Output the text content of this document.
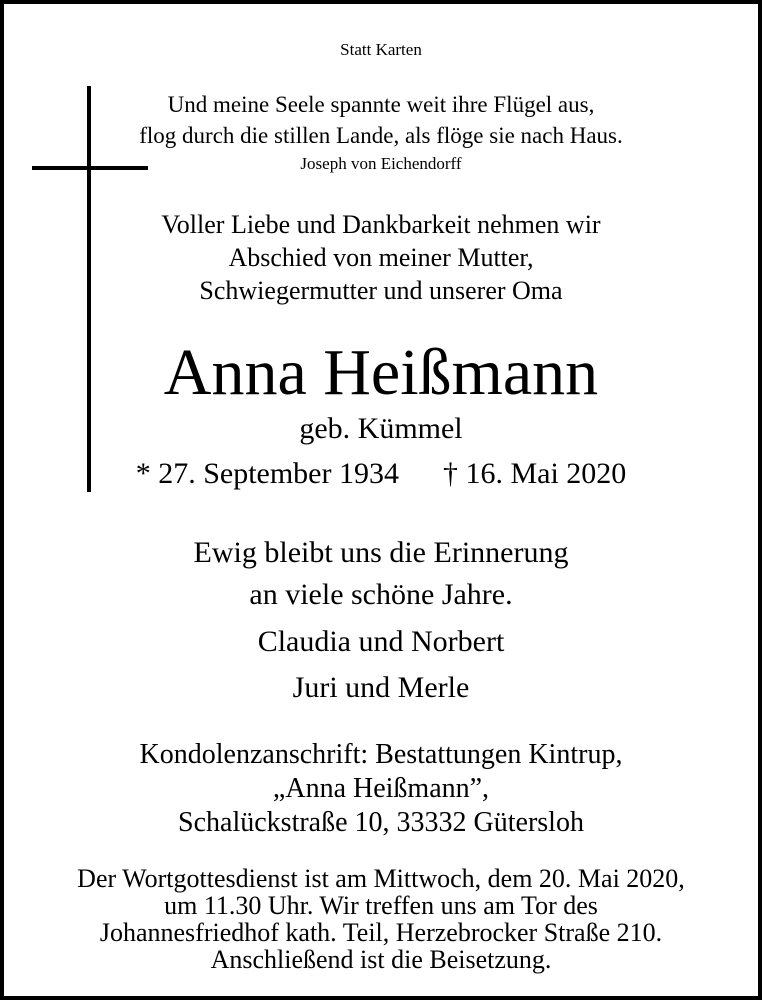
Statt Karten
Und meine Seele spannte weit ihre Flügel aus,
flog durch die stillen Lande, als flöge sie nach Haus.
Joseph von Eichendorff
Voller Liebe und Dankbarkeit nehmen wir
Abschied von meiner Mutter,
Schwiegermutter und unserer Oma
Anna Heißmann
geb. Kümmel
* 27. September 1934 † 16. Mai 2020
Ewig bleibt uns die Erinnerung
an viele schöne Jahre.
Claudia und Norbert
Juri und Merle
Kondolenzanschrift: Bestattungen Kintrup,
„Anna Heißmann”,
Schalückstraße 10, 33332 Gütersloh
Der Wortgottesdienst ist am Mittwoch, dem 20. Mai 2020,
um 11.30 Uhr. Wir treffen uns am Tor des
Johannesfriedhof kath. Teil, Herzebrocker Straße 210.
Anschließend ist die Beisetzung.
